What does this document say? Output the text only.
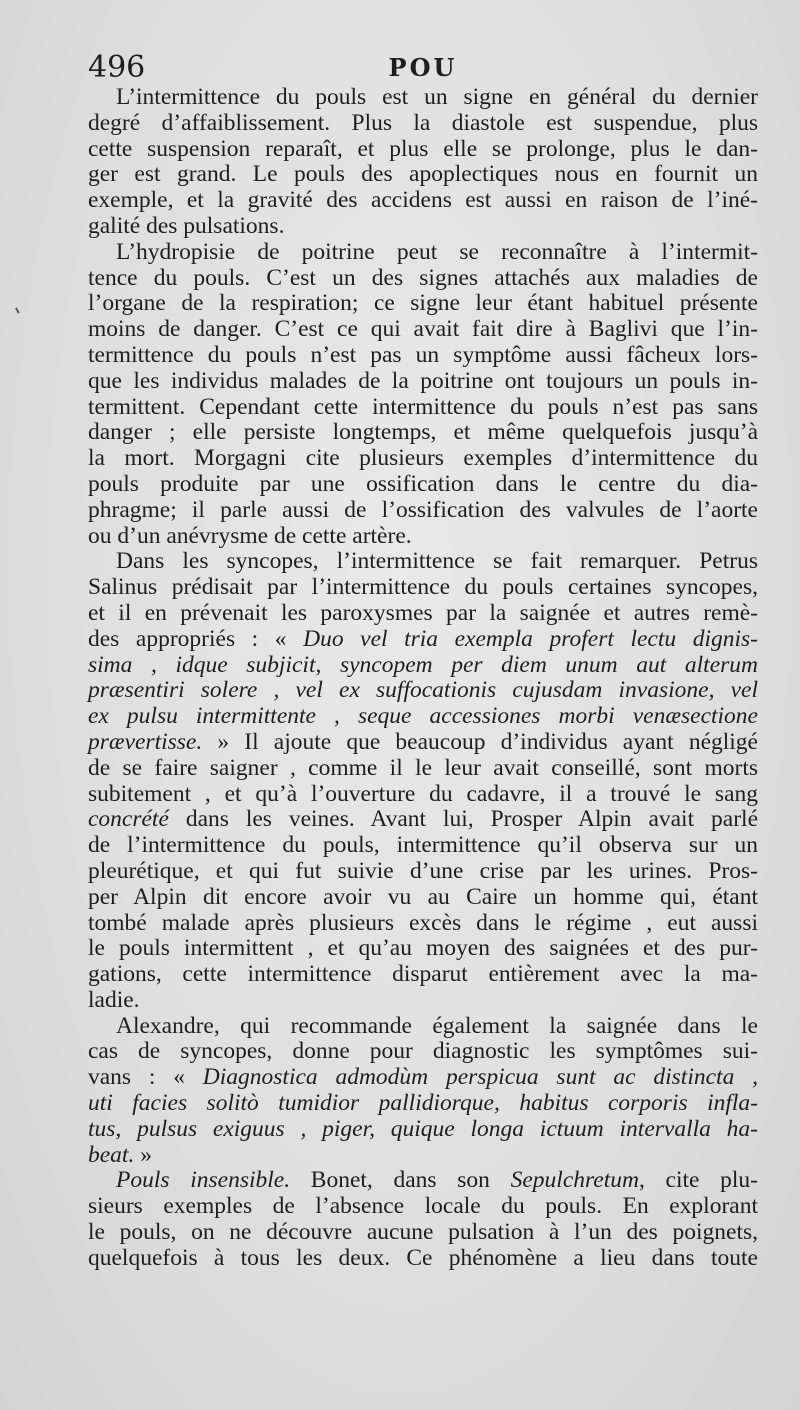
496	POU
L’intermittence du pouls est un signe en général du dernier
degré d’affaiblissement. Plus la diastole est suspendue, plus
cette suspension reparaît, et plus elle se prolonge, plus le dan-
ger est grand. Le pouls des apoplectiques nous en fournit un
exemple, et la gravité des accidens est aussi en raison de l’iné-
galité des pulsations.
L’hydropisie de poitrine peut se reconnaître à l’intermit-
tence du pouls. C’est un des signes attachés aux maladies de
l’organe de la respiration; ce signe leur étant habituel présente
moins de danger. C’est ce qui avait fait dire à Baglivi que l’in-
termittence du pouls n’est pas un symptôme aussi fâcheux lors-
que les individus malades de la poitrine ont toujours un pouls in-
termittent. Cependant cette intermittence du pouls n’est pas sans
danger ; elle persiste longtemps, et même quelquefois jusqu’à
la mort. Morgagni cite plusieurs exemples d’intermittence du
pouls produite par une ossification dans le centre du dia-
phragme; il parle aussi de l’ossification des valvules de l’aorte
ou d’un anévrysme de cette artère.
Dans les syncopes, l’intermittence se fait remarquer. Petrus
Salinus prédisait par l’intermittence du pouls certaines syncopes,
et il en prévenait les paroxysmes par la saignée et autres remè-
des appropriés : « Duo vel tria exempla profert lectu dignis-
sima , idque subjicit, syncopem per diem unum aut alterum
præsentiri solere , vel ex suffocationis cujusdam invasione, vel
ex pulsu intermittente , seque accessiones morbi venæsectione
prævertisse. » Il ajoute que beaucoup d’individus ayant négligé
de se faire saigner , comme il le leur avait conseillé, sont morts
subitement , et qu’à l’ouverture du cadavre, il a trouvé le sang
concrété dans les veines. Avant lui, Prosper Alpin avait parlé
de l’intermittence du pouls, intermittence qu’il observa sur un
pleurétique, et qui fut suivie d’une crise par les urines. Pros-
per Alpin dit encore avoir vu au Caire un homme qui, étant
tombé malade après plusieurs excès dans le régime , eut aussi
le pouls intermittent , et qu’au moyen des saignées et des pur-
gations, cette intermittence disparut entièrement avec la ma-
ladie.
Alexandre, qui recommande également la saignée dans le
cas de syncopes, donne pour diagnostic les symptômes sui-
vans : « Diagnostica admodùm perspicua sunt ac distincta ,
uti facies solitò tumidior pallidiorque, habitus corporis infla-
tus, pulsus exiguus , piger, quique longa ictuum intervalla ha-
beat. »
Pouls insensible. Bonet, dans son Sepulchretum, cite plu-
sieurs exemples de l’absence locale du pouls. En explorant
le pouls, on ne découvre aucune pulsation à l’un des poignets,
quelquefois à tous les deux. Ce phénomène a lieu dans toute
